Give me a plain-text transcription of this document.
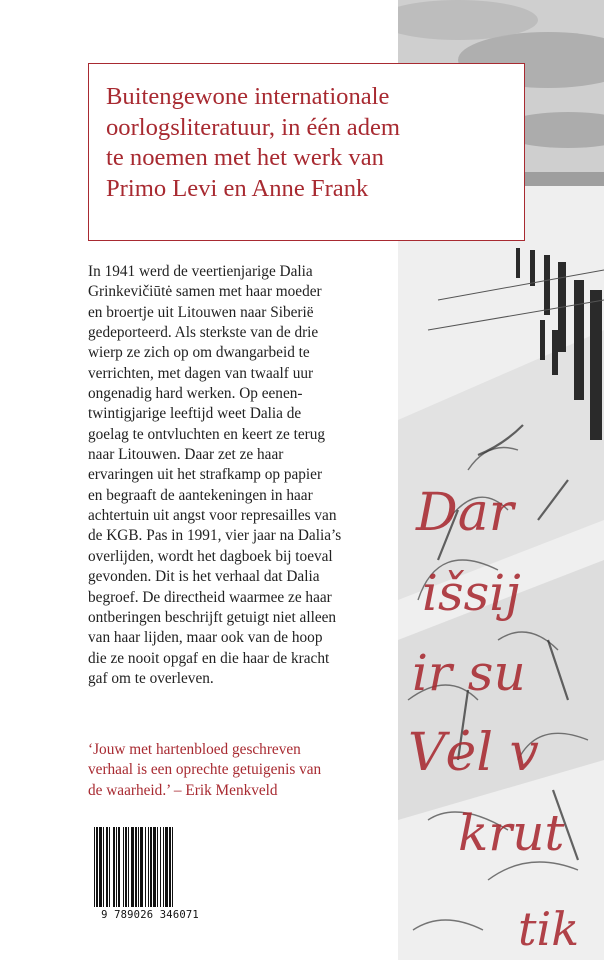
Dar
išsij
ir su
Vėl v
krut
tik

Buitengewone internationale
oorlogsliteratuur, in één adem
te noemen met het werk van
Primo Levi en Anne Frank

In 1941 werd de veertienjarige Dalia
Grinkevičiūtė samen met haar moeder
en broertje uit Litouwen naar Siberië
gedeporteerd. Als sterkste van de drie
wierp ze zich op om dwangarbeid te
verrichten, met dagen van twaalf uur
ongenadig hard werken. Op eenen-
twintigjarige leeftijd weet Dalia de
goelag te ontvluchten en keert ze terug
naar Litouwen. Daar zet ze haar
ervaringen uit het strafkamp op papier
en begraaft de aantekeningen in haar
achtertuin uit angst voor represailles van
de KGB. Pas in 1991, vier jaar na Dalia’s
overlijden, wordt het dagboek bij toeval
gevonden. Dit is het verhaal dat Dalia
begroef. De directheid waarmee ze haar
ontberingen beschrijft getuigt niet alleen
van haar lijden, maar ook van de hoop
die ze nooit opgaf en die haar de kracht
gaf om te overleven.

‘Jouw met hartenbloed geschreven
verhaal is een oprechte getuigenis van
de waarheid.’ – Erik Menkveld

9 789026 346071
